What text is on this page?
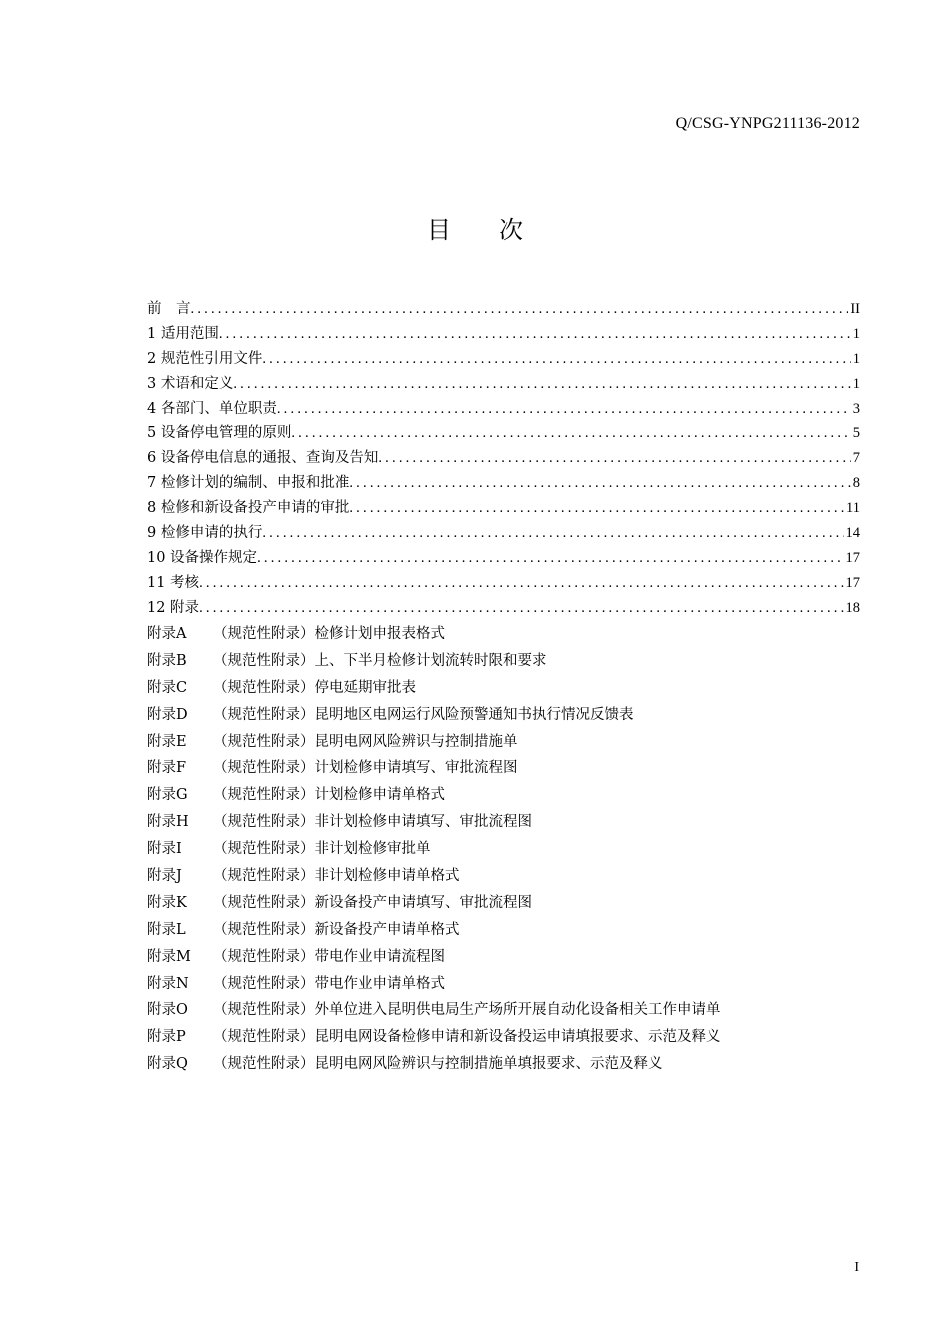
Q/CSG-YNPG211136-2012
目 次
前　言 .....	II
1 适用范围 .....	1
2 规范性引用文件 .....	1
3 术语和定义 .....	1
4 各部门、单位职责 .....	3
5 设备停电管理的原则 .....	5
6 设备停电信息的通报、查询及告知 .....	7
7 检修计划的编制、申报和批准 .....	8
8 检修和新设备投产申请的审批 .....	11
9 检修申请的执行 .....	14
10 设备操作规定 .....	17
11 考核 .....	17
12 附录 .....	18
附录A （规范性附录）检修计划申报表格式
附录B （规范性附录）上、下半月检修计划流转时限和要求
附录C （规范性附录）停电延期审批表
附录D （规范性附录）昆明地区电网运行风险预警通知书执行情况反馈表
附录E （规范性附录）昆明电网风险辨识与控制措施单
附录F （规范性附录）计划检修申请填写、审批流程图
附录G （规范性附录）计划检修申请单格式
附录H （规范性附录）非计划检修申请填写、审批流程图
附录I （规范性附录）非计划检修审批单
附录J （规范性附录）非计划检修申请单格式
附录K （规范性附录）新设备投产申请填写、审批流程图
附录L （规范性附录）新设备投产申请单格式
附录M （规范性附录）带电作业申请流程图
附录N （规范性附录）带电作业申请单格式
附录O （规范性附录）外单位进入昆明供电局生产场所开展自动化设备相关工作申请单
附录P （规范性附录）昆明电网设备检修申请和新设备投运申请填报要求、示范及释义
附录Q （规范性附录）昆明电网风险辨识与控制措施单填报要求、示范及释义
I
